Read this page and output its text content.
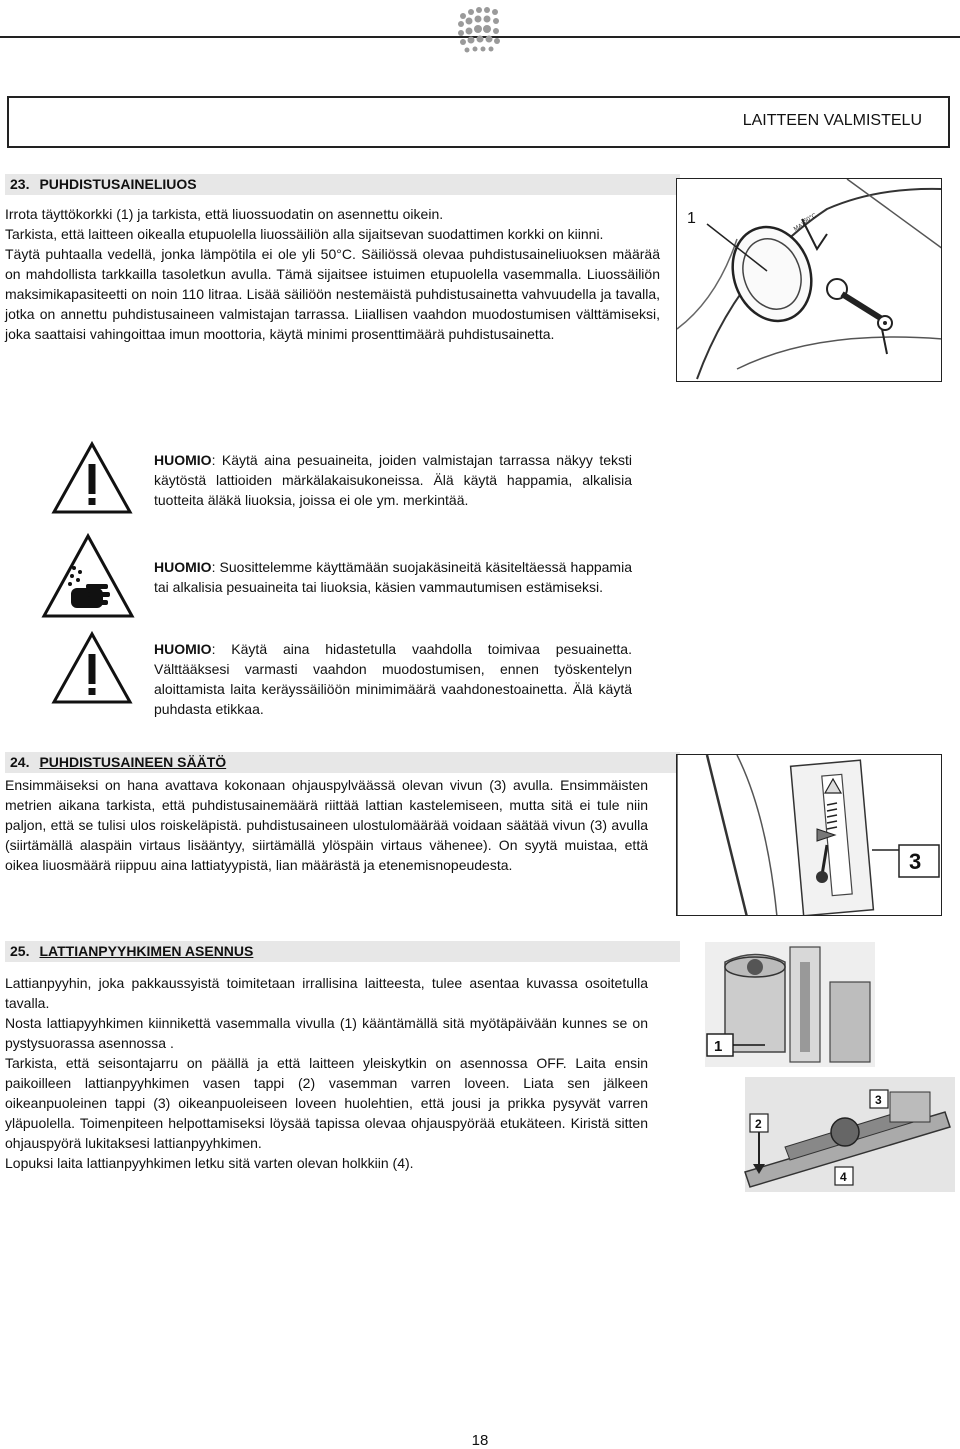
LAITTEEN VALMISTELU
23. PUHDISTUSAINELIUOS

Irrota täyttökorkki (1) ja tarkista, että liuossuodatin on asennettu oikein.

Tarkista, että laitteen oikealla etupuolella liuossäiliön alla sijaitsevan suodattimen korkki on kiinni.

Täytä puhtaalla vedellä, jonka lämpötila ei ole yli 50°C. Säiliössä olevaa puhdistusaineliuoksen määrää on mahdollista tarkkailla tasoletkun avulla. Tämä sijaitsee istuimen etupuolella vasemmalla. Liuossäiliön maksimikapasiteetti on noin 110 litraa. Lisää säiliöön nestemäistä puhdistusainetta vahvuudella ja tavalla, jotka on annettu puhdistusaineen valmistajan tarrassa. Liiallisen vaahdon muodostumisen välttämiseksi, joka saattaisi vahingoittaa imun moottoria, käytä minimi prosenttimäärä puhdistusainetta.

MAX
50°C
1

HUOMIO: Käytä aina pesuaineita, joiden valmistajan tarrassa näkyy teksti käytöstä lattioiden märkälakaisukoneissa. Älä käytä happamia, alkalisia tuotteita äläkä liuoksia, joissa ei ole ym. merkintää.

HUOMIO: Suosittelemme käyttämään suojakäsineitä käsiteltäessä happamia tai alkalisia pesuaineita tai liuoksia, käsien vammautumisen estämiseksi.

HUOMIO: Käytä aina hidastetulla vaahdolla toimivaa pesuainetta. Välttääksesi varmasti vaahdon muodostumisen, ennen työskentelyn aloittamista laita keräyssäiliöön minimimäärä vaahdonestoainetta. Älä käytä puhdasta etikkaa.

24. PUHDISTUSAINEEN SÄÄTÖ

Ensimmäiseksi on hana avattava kokonaan ohjauspylväässä olevan vivun (3) avulla. Ensimmäisten metrien aikana tarkista, että puhdistusainemäärä riittää lattian kastelemiseen, mutta sitä ei tule niin paljon, että se tulisi ulos roiskeläpistä. puhdistusaineen ulostulomäärää voidaan säätää vivun (3) avulla (siirtämällä alaspäin virtaus lisääntyy, siirtämällä ylöspäin virtaus vähenee). On syytä muistaa, että oikea liuosmäärä riippuu aina lattiatyypistä, lian määrästä ja etenemisnopeudesta.	3
25. LATTIANPYYHKIMEN ASENNUS

Lattianpyyhin, joka pakkaussyistä toimitetaan irrallisina laitteesta, tulee asentaa kuvassa osoitetulla tavalla.

Nosta lattiapyyhkimen kiinnikettä vasemmalla vivulla (1) kääntämällä sitä myötäpäivään kunnes se on pystysuorassa asennossa .

Tarkista, että seisontajarru on päällä ja että laitteen yleiskytkin on asennossa OFF. Laita ensin paikoilleen lattianpyyhkimen vasen tappi (2) vasemman varren loveen. Liata sen jälkeen oikeanpuoleinen tappi (3) oikeanpuoleiseen loveen huolehtien, että jousi ja prikka pysyvät varren yläpuolella. Toimenpiteen helpottamiseksi löysää tapissa olevaa ohjauspyörää etukäteen. Kiristä sitten ohjauspyörä lukitaksesi lattianpyyhkimen.

Lopuksi laita lattianpyyhkimen letku sitä varten olevan holkkiin (4).

1
3
2
4
18
